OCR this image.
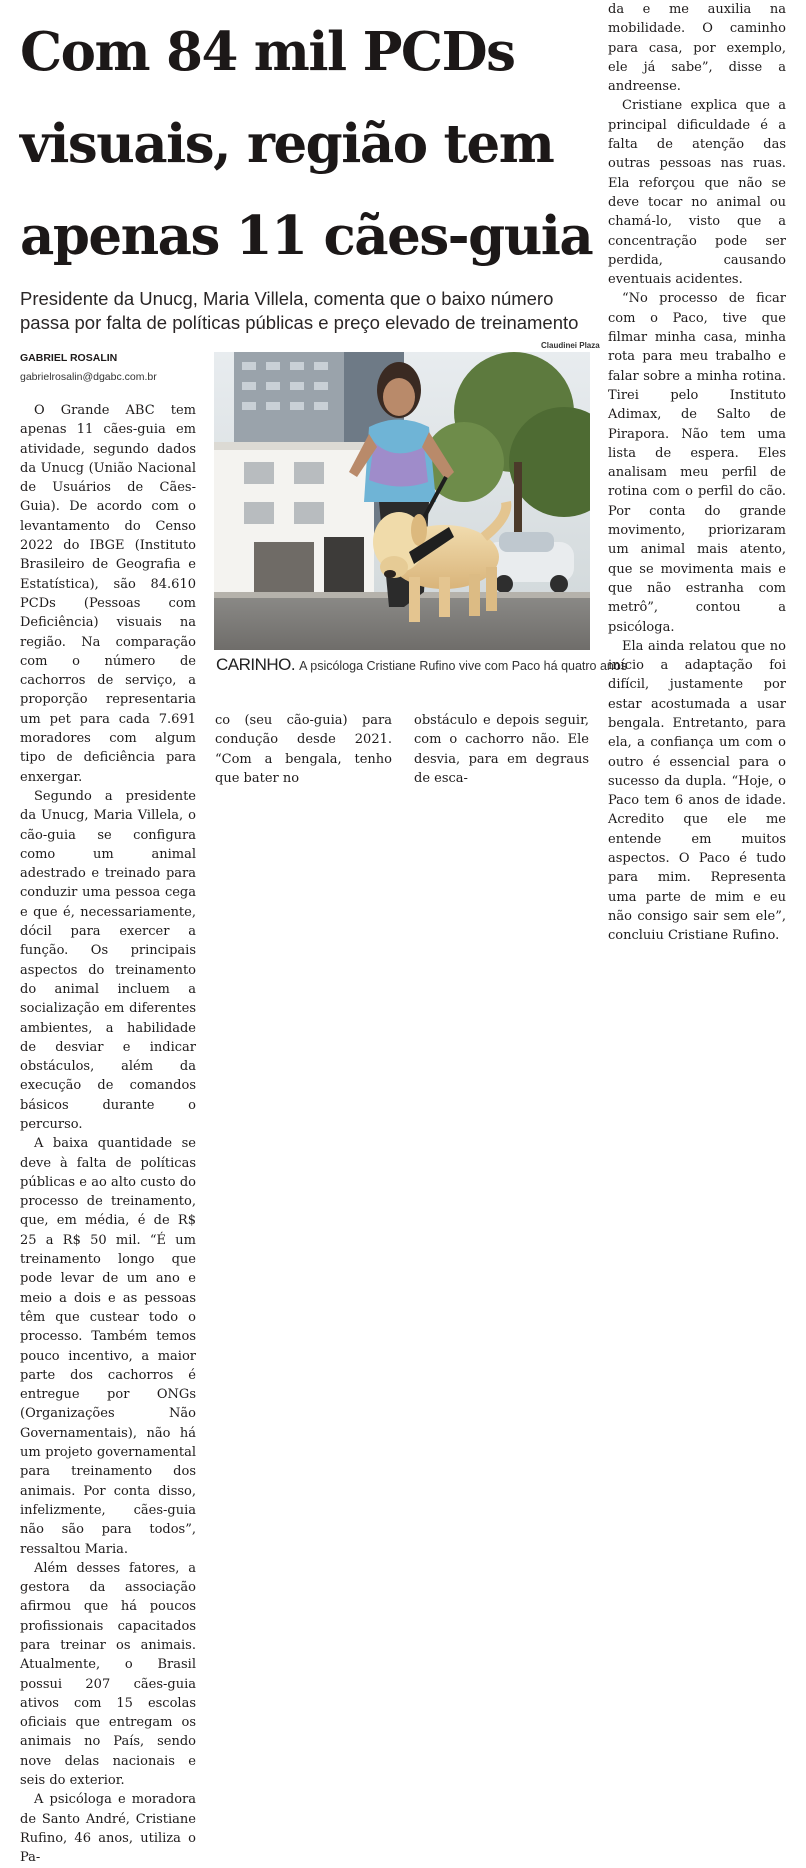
Com 84 mil PCDs
visuais, região tem
apenas 11 cães-guia

Presidente da Unucg, Maria Villela, comenta que o baixo número
passa por falta de políticas públicas e preço elevado de treinamento

GABRIEL ROSALIN
gabrielrosalin@dgabc.com.br
Claudinei Plaza
CARINHO. A psicóloga Cristiane Rufino vive com Paco há quatro anos

O Grande ABC tem apenas 11 cães-guia em atividade, segundo dados da Unucg (União Nacional de Usuários de Cães-Guia). De acordo com o levantamento do Censo 2022 do IBGE (Instituto Brasileiro de Geografia e Estatística), são 84.610 PCDs (Pessoas com Deficiência) visuais na região. Na comparação com o número de cachorros de serviço, a proporção representaria um pet para cada 7.691 moradores com algum tipo de deficiência para enxergar.

Segundo a presidente da Unucg, Maria Villela, o cão-guia se configura como um animal adestrado e treinado para conduzir uma pessoa cega e que é, necessariamente, dócil para exercer a função. Os principais aspectos do treinamento do animal incluem a socialização em diferentes ambientes, a habilidade de desviar e indicar obstáculos, além da execução de comandos básicos durante o percurso.

A baixa quantidade se deve à falta de políticas públicas e ao alto custo do processo de treinamento, que, em média, é de R$ 25 a R$ 50 mil. “É um treinamento longo que pode levar de um ano e meio a dois e as pessoas têm que custear todo o processo. Também temos pouco incentivo, a maior parte dos cachorros é entregue por ONGs (Organizações Não Governamentais), não há um projeto governamental para treinamento dos animais. Por conta disso, infelizmente, cães-guia não são para todos”, ressaltou Maria.

Além desses fatores, a gestora da associação afirmou que há poucos profissionais capacitados para treinar os animais. Atualmente, o Brasil possui 207 cães-guia ativos com 15 escolas oficiais que entregam os animais no País, sendo nove delas nacionais e seis do exterior.

A psicóloga e moradora de Santo André, Cristiane Rufino, 46 anos, utiliza o Pa-

co (seu cão-guia) para condução desde 2021. “Com a bengala, tenho que bater no

obstáculo e depois seguir, com o cachorro não. Ele desvia, para em degraus de esca-

da e me auxilia na mobilidade. O caminho para casa, por exemplo, ele já sabe”, disse a andreense.

Cristiane explica que a principal dificuldade é a falta de atenção das outras pessoas nas ruas. Ela reforçou que não se deve tocar no animal ou chamá-lo, visto que a concentração pode ser perdida, causando eventuais acidentes.

“No processo de ficar com o Paco, tive que filmar minha casa, minha rota para meu trabalho e falar sobre a minha rotina. Tirei pelo Instituto Adimax, de Salto de Pirapora. Não tem uma lista de espera. Eles analisam meu perfil de rotina com o perfil do cão. Por conta do grande movimento, priorizaram um animal mais atento, que se movimenta mais e que não estranha com metrô”, contou a psicóloga.

Ela ainda relatou que no início a adaptação foi difícil, justamente por estar acostumada a usar bengala. Entretanto, para ela, a confiança um com o outro é essencial para o sucesso da dupla. “Hoje, o Paco tem 6 anos de idade. Acredito que ele me entende em muitos aspectos. O Paco é tudo para mim. Representa uma parte de mim e eu não consigo sair sem ele”, concluiu Cristiane Rufino.
